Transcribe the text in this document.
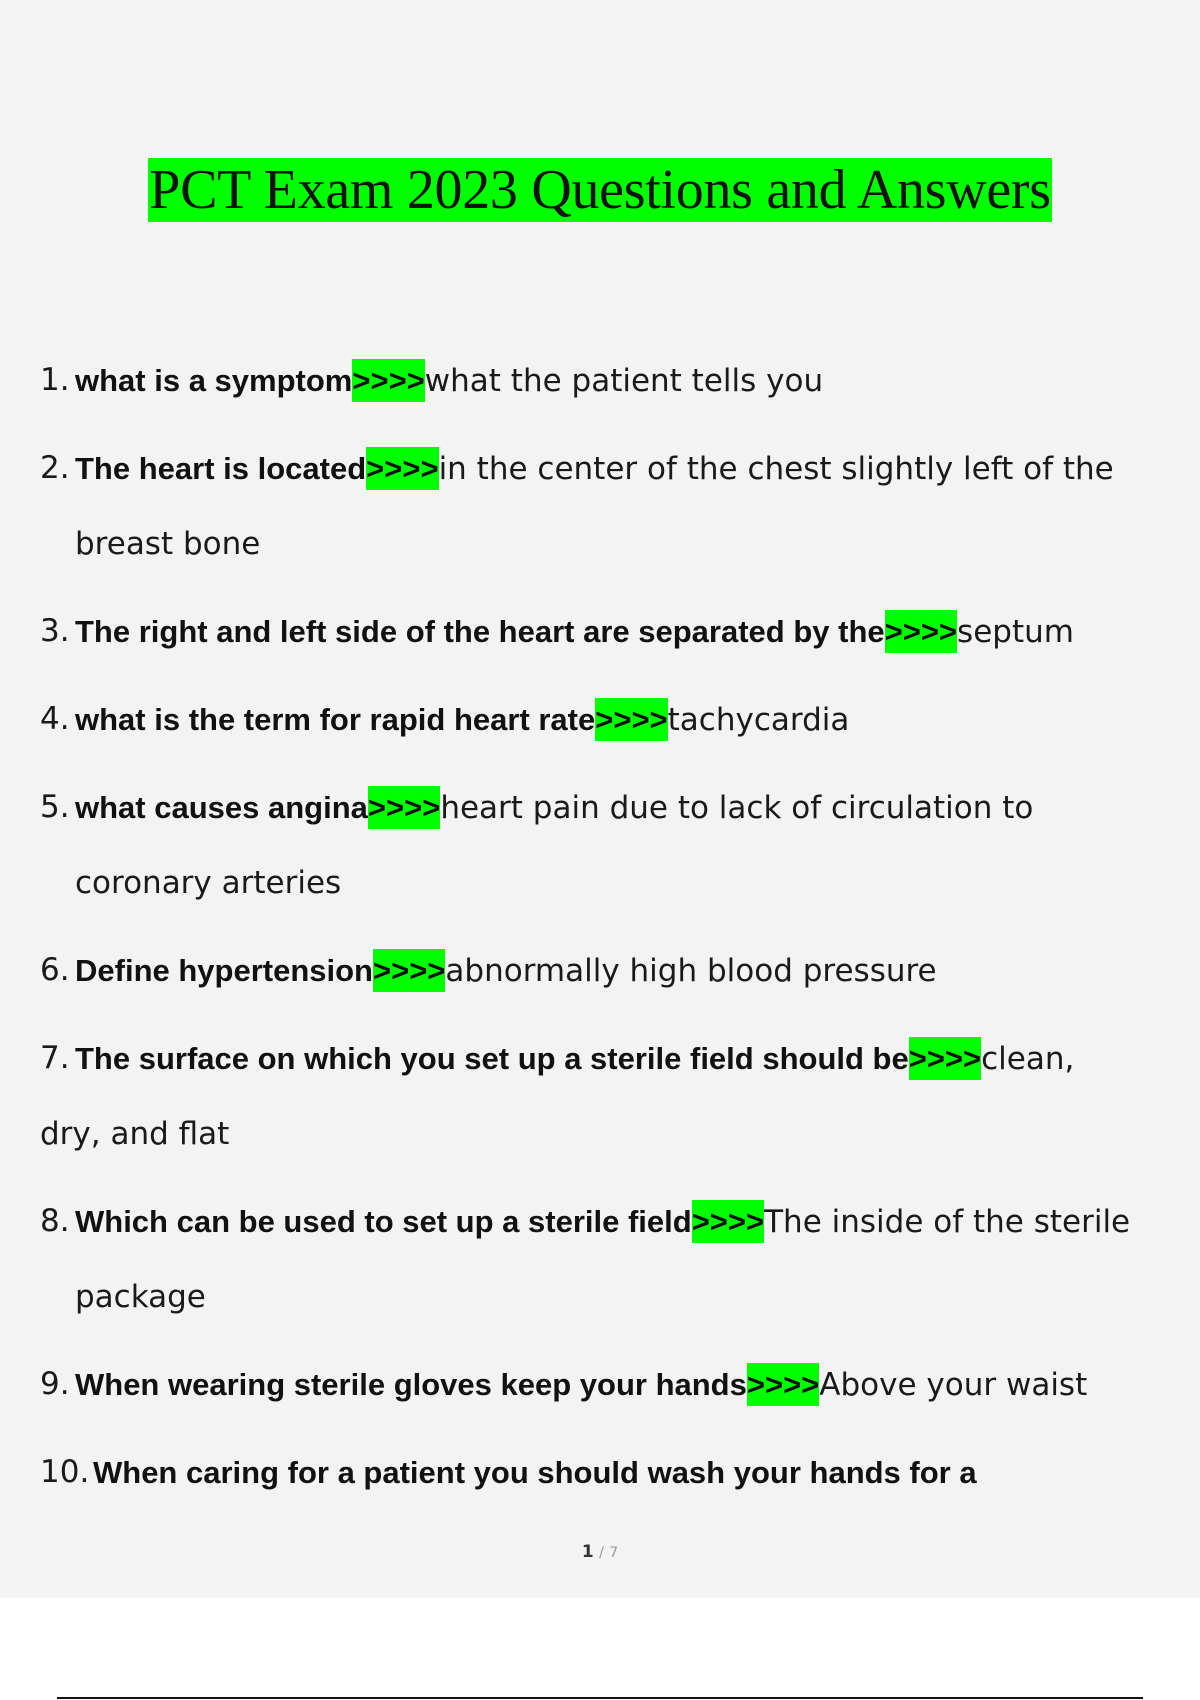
PCT Exam 2023 Questions and Answers
1. what is a symptom>>>>what the patient tells you
2. The heart is located>>>>in the center of the chest slightly left of the
breast bone
3. The right and left side of the heart are separated by the>>>>septum
4. what is the term for rapid heart rate>>>>tachycardia
5. what causes angina>>>>heart pain due to lack of circulation to
coronary arteries
6. Define hypertension>>>>abnormally high blood pressure
7. The surface on which you set up a sterile field should be>>>>clean,
dry, and flat
8. Which can be used to set up a sterile field>>>>The inside of the sterile
package
9. When wearing sterile gloves keep your hands>>>>Above your waist
10. When caring for a patient you should wash your hands for a
1 / 7
